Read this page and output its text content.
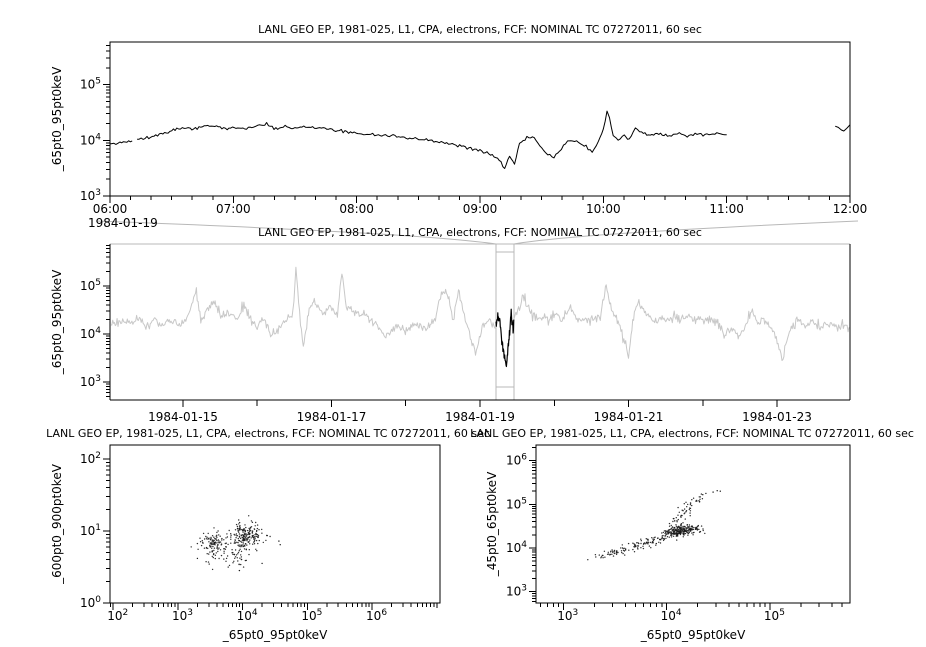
$10^3$
$10^4$
$10^5$
06:00	07:00	08:00	09:00	10:00	11:00	12:00
$10^3$
$10^4$
$10^5$
1984-01-15	1984-01-17	1984-01-19	1984-01-21	1984-01-23
$10^0$
$10^1$
$10^2$
$10^2$	$10^3$	$10^4$	$10^5$	$10^6$
$10^3$
$10^4$
$10^5$
$10^6$
$10^3$	$10^4$	$10^5$
LANL GEO EP, 1981-025, L1, CPA, electrons, FCF: NOMINAL TC 07272011, 60 sec
LANL GEO EP, 1981-025, L1, CPA, electrons, FCF: NOMINAL TC 07272011, 60 sec
LANL GEO EP, 1981-025, L1, CPA, electrons, FCF: NOMINAL TC 07272011, 60 sec
LANL GEO EP, 1981-025, L1, CPA, electrons, FCF: NOMINAL TC 07272011, 60 sec
_65pt0_95pt0keV
_65pt0_95pt0keV
_600pt0_900pt0keV	_45pt0_65pt0keV
_65pt0_95pt0keV	_65pt0_95pt0keV
1984-01-19
